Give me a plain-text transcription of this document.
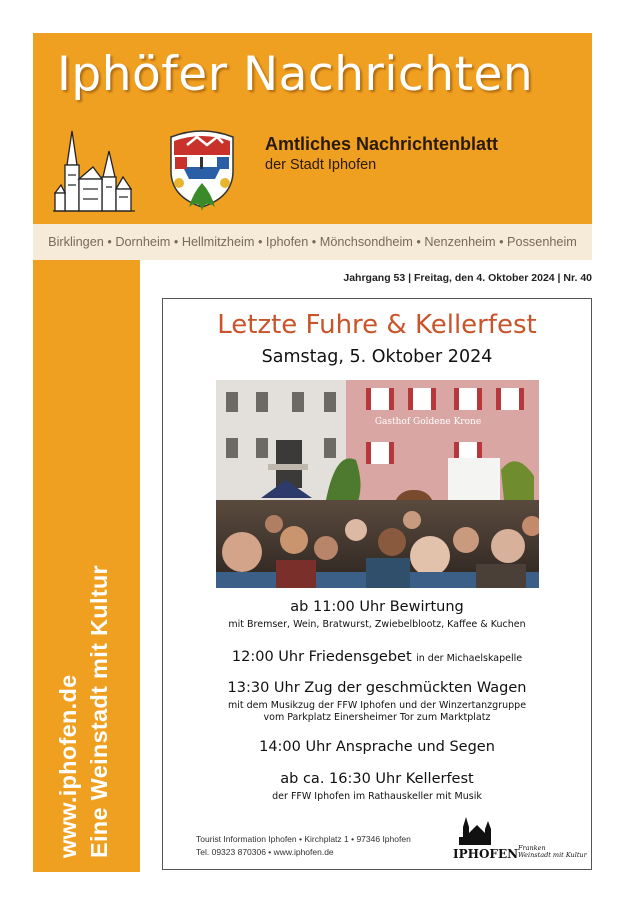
Iphöfer Nachrichten
Amtliches Nachrichtenblatt
der Stadt Iphofen
Birklingen • Dornheim • Hellmitzheim • Iphofen • Mönchsondheim • Nenzenheim • Possenheim
www.iphofen.de Eine Weinstadt mit Kultur
Jahrgang 53 | Freitag, den 4. Oktober 2024 | Nr. 40
Letzte Fuhre & Kellerfest
Samstag, 5. Oktober 2024
Gasthof Goldene Krone
ab 11:00 Uhr Bewirtung
mit Bremser, Wein, Bratwurst, Zwiebelblootz, Kaffee & Kuchen
12:00 Uhr Friedensgebet in der Michaelskapelle
13:30 Uhr Zug der geschmückten Wagen
mit dem Musikzug der FFW Iphofen und der Winzertanzgruppe
vom Parkplatz Einersheimer Tor zum Marktplatz
14:00 Uhr Ansprache und Segen
ab ca. 16:30 Uhr Kellerfest
der FFW Iphofen im Rathauskeller mit Musik
Tourist Information Iphofen • Kirchplatz 1 • 97346 Iphofen
Tel. 09323 870306 • www.iphofen.de	IPHOFEN Franken
Weinstadt mit Kultur
